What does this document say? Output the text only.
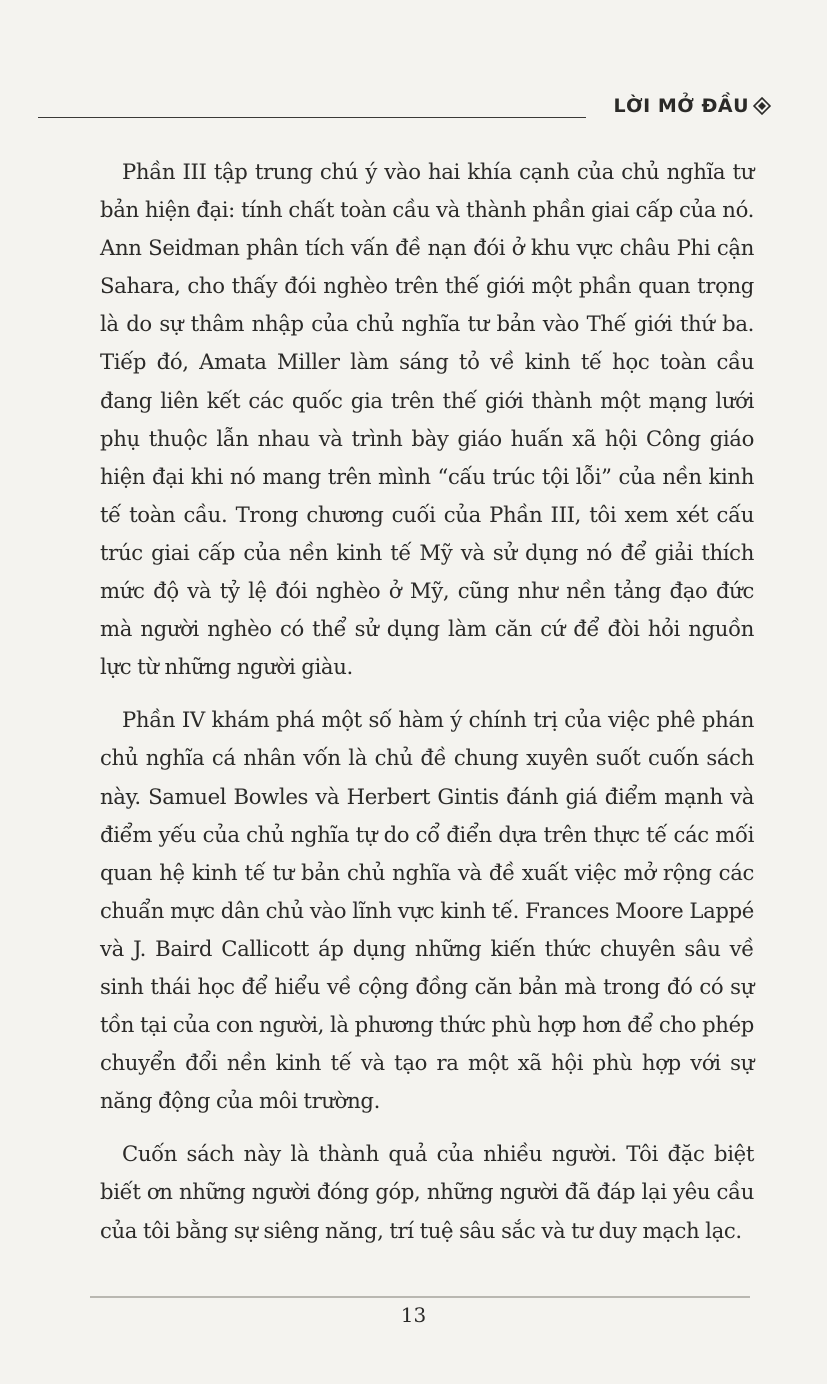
LỜI MỞ ĐẦU

Phần III tập trung chú ý vào hai khía cạnh của chủ nghĩa tư bản hiện đại: tính chất toàn cầu và thành phần giai cấp của nó. Ann Seidman phân tích vấn đề nạn đói ở khu vực châu Phi cận Sahara, cho thấy đói nghèo trên thế giới một phần quan trọng là do sự thâm nhập của chủ nghĩa tư bản vào Thế giới thứ ba. Tiếp đó, Amata Miller làm sáng tỏ về kinh tế học toàn cầu đang liên kết các quốc gia trên thế giới thành một mạng lưới phụ thuộc lẫn nhau và trình bày giáo huấn xã hội Công giáo hiện đại khi nó mang trên mình “cấu trúc tội lỗi” của nền kinh tế toàn cầu. Trong chương cuối của Phần III, tôi xem xét cấu trúc giai cấp của nền kinh tế Mỹ và sử dụng nó để giải thích mức độ và tỷ lệ đói nghèo ở Mỹ, cũng như nền tảng đạo đức mà người nghèo có thể sử dụng làm căn cứ để đòi hỏi nguồn lực từ những người giàu.

Phần IV khám phá một số hàm ý chính trị của việc phê phán chủ nghĩa cá nhân vốn là chủ đề chung xuyên suốt cuốn sách này. Samuel Bowles và Herbert Gintis đánh giá điểm mạnh và điểm yếu của chủ nghĩa tự do cổ điển dựa trên thực tế các mối quan hệ kinh tế tư bản chủ nghĩa và đề xuất việc mở rộng các chuẩn mực dân chủ vào lĩnh vực kinh tế. Frances Moore Lappé và J. Baird Callicott áp dụng những kiến thức chuyên sâu về sinh thái học để hiểu về cộng đồng căn bản mà trong đó có sự tồn tại của con người, là phương thức phù hợp hơn để cho phép chuyển đổi nền kinh tế và tạo ra một xã hội phù hợp với sự năng động của môi trường.

Cuốn sách này là thành quả của nhiều người. Tôi đặc biệt biết ơn những người đóng góp, những người đã đáp lại yêu cầu của tôi bằng sự siêng năng, trí tuệ sâu sắc và tư duy mạch lạc.

13
